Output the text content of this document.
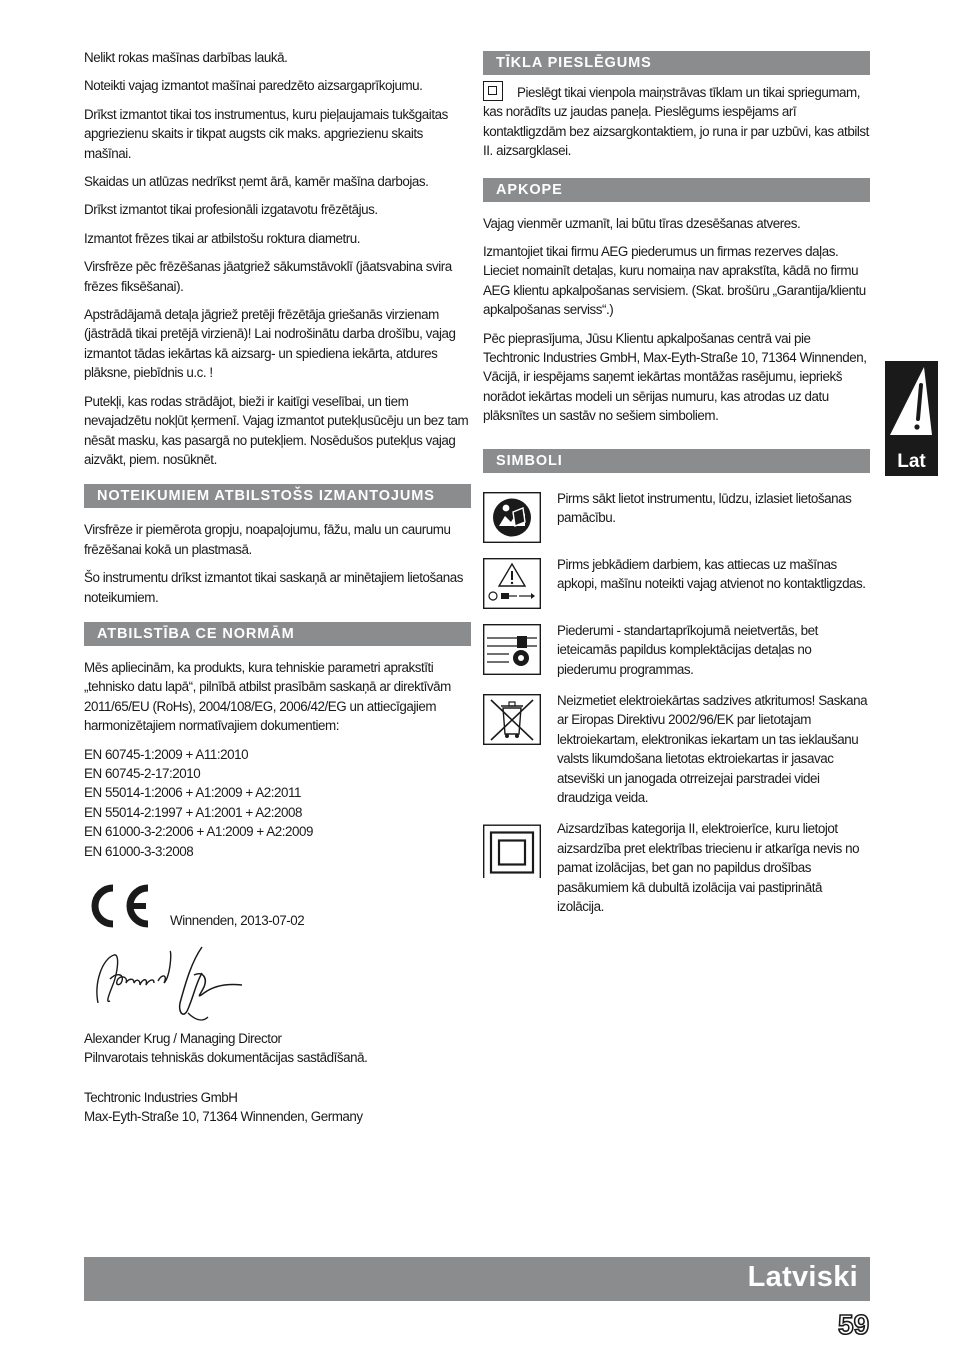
Nelikt rokas mašīnas darbības laukā.

Noteikti vajag izmantot mašīnai paredzēto aizsargaprīkojumu.

Drīkst izmantot tikai tos instrumentus, kuru pieļaujamais tukšgaitas apgriezienu skaits ir tikpat augsts cik maks. apgriezienu skaits mašīnai.

Skaidas un atlūzas nedrīkst ņemt ārā, kamēr mašīna darbojas.

Drīkst izmantot tikai profesionāli izgatavotu frēzētājus.

Izmantot frēzes tikai ar atbilstošu roktura diametru.

Virsfrēze pēc frēzēšanas jāatgriež sākumstāvoklī (jāatsvabina svira frēzes fiksēšanai).

Apstrādājamā detaļa jāgriež pretēji frēzētāja griešanās virzienam (jāstrādā tikai pretējā virzienā)! Lai nodrošinātu darba drošību, vajag izmantot tādas iekārtas kā aizsarg- un spiediena iekārta, atdures plāksne, piebīdnis u.c. !

Putekļi, kas rodas strādājot, bieži ir kaitīgi veselībai, un tiem nevajadzētu nokļūt ķermenī. Vajag izmantot putekļusūcēju un bez tam nēsāt masku, kas pasargā no putekļiem. Nosēdušos putekļus vajag aizvākt, piem. nosūknēt.

NOTEIKUMIEM ATBILSTOŠS IZMANTOJUMS

Virsfrēze ir piemērota gropju, noapaļojumu, fāžu, malu un caurumu frēzēšanai kokā un plastmasā.

Šo instrumentu drīkst izmantot tikai saskaņā ar minētajiem lietošanas noteikumiem.

ATBILSTĪBA CE NORMĀM

Mēs apliecinām, ka produkts, kura tehniskie parametri aprakstīti „tehnisko datu lapā“, pilnībā atbilst prasībām saskaņā ar direktīvām 2011/65/EU (RoHs), 2004/108/EG, 2006/42/EG un attiecīgajiem harmonizētajiem normatīvajiem dokumentiem:

EN 60745-1:2009 + A11:2010
EN 60745-2-17:2010
EN 55014-1:2006 + A1:2009 + A2:2011
EN 55014-2:1997 + A1:2001 + A2:2008
EN 61000-3-2:2006 + A1:2009 + A2:2009
EN 61000-3-3:2008
Winnenden, 2013-07-02

Alexander Krug / Managing Director

Pilnvarotais tehniskās dokumentācijas sastādīšanā.

Techtronic Industries GmbH

Max-Eyth-Straße 10, 71364 Winnenden, Germany

TĪKLA PIESLĒGUMS

Pieslēgt tikai vienpola maiņstrāvas tīklam un tikai spriegumam, kas norādīts uz jaudas paneļa. Pieslēgums iespējams arī kontaktligzdām bez aizsargkontaktiem, jo runa ir par uzbūvi, kas atbilst II. aizsargklasei.

APKOPE

Vajag vienmēr uzmanīt, lai būtu tīras dzesēšanas atveres.

Izmantojiet tikai firmu AEG piederumus un firmas rezerves daļas. Lieciet nomainīt detaļas, kuru nomaiņa nav aprakstīta, kādā no firmu AEG klientu apkalpošanas servisiem. (Skat. brošūru „Garantija/klientu apkalpošanas serviss“.)

Pēc pieprasījuma, Jūsu Klientu apkalpošanas centrā vai pie Techtronic Industries GmbH, Max-Eyth-Straße 10, 71364 Winnenden, Vācijā, ir iespējams saņemt iekārtas montāžas rasējumu, iepriekš norādot iekārtas modeli un sērijas numuru, kas atrodas uz datu plāksnītes un sastāv no sešiem simboliem.

SIMBOLI

Pirms sākt lietot instrumentu, lūdzu, izlasiet lietošanas pamācību.

Pirms jebkādiem darbiem, kas attiecas uz mašīnas apkopi, mašīnu noteikti vajag atvienot no kontaktligzdas.

Piederumi - standartaprīkojumā neietvertās, bet ieteicamās papildus komplektācijas detaļas no piederumu programmas.

Neizmetiet elektroiekārtas sadzives atkritumos! Saskana ar Eiropas Direktivu 2002/96/EK par lietotajam lektroiekartam, elektronikas iekartam un tas ieklaušanu valsts likumdošana lietotas ektroiekartas ir jasavac atseviški un janogada otrreizejai parstradei videi draudziga veida.

Aizsardzības kategorija II, elektroierīce, kuru lietojot aizsardzība pret elektrības triecienu ir atkarīga nevis no pamat izolācijas, bet gan no papildus drošības pasākumiem kā dubultā izolācija vai pastiprinātā izolācija.

Lat
Latviski
59
